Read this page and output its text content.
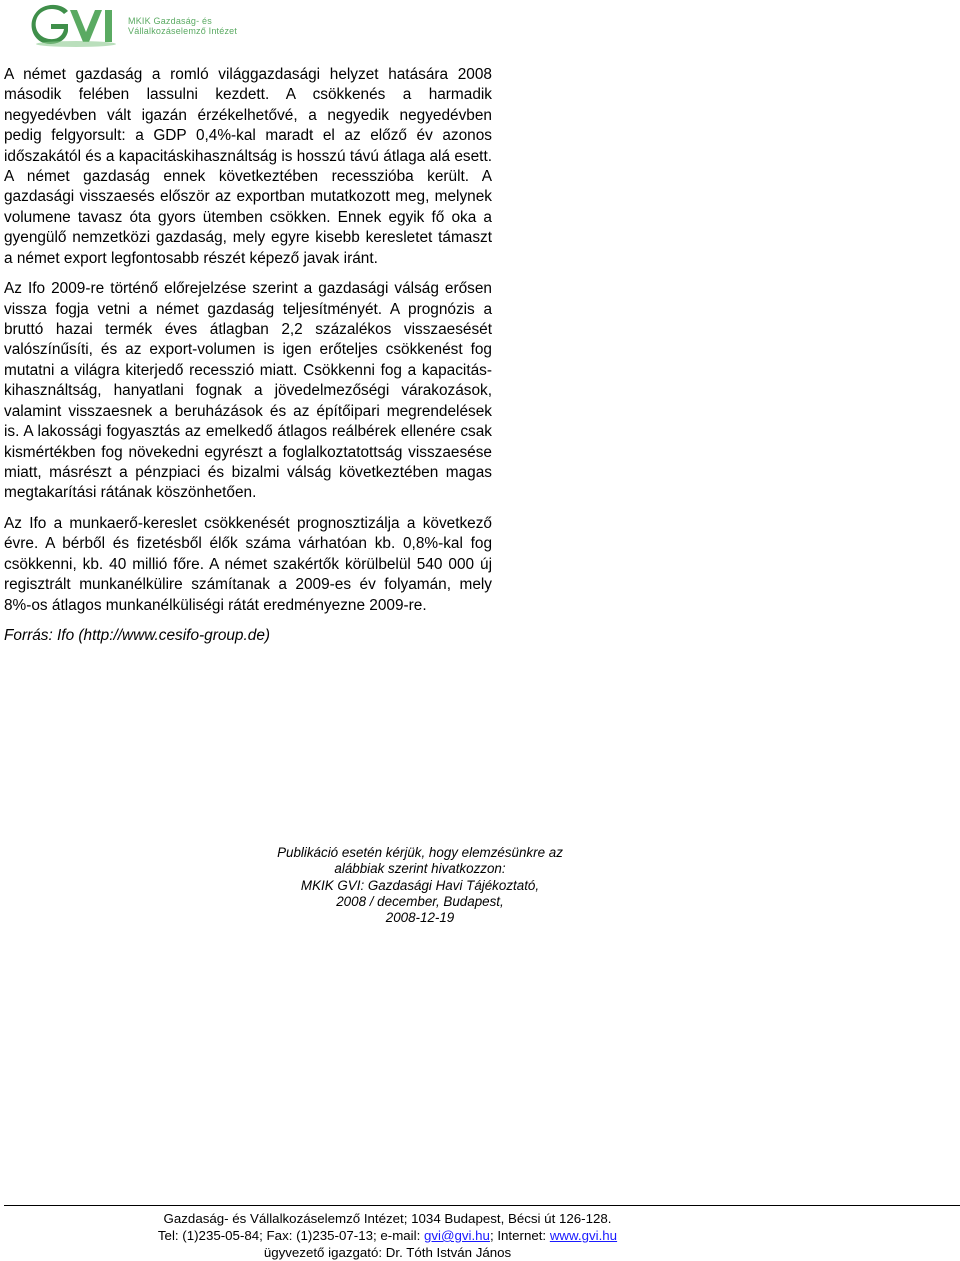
MKIK Gazdaság- és
Vállalkozáselemző Intézet

A német gazdaság a romló világgazdasági helyzet hatására 2008 második felében lassulni kezdett. A csökkenés a harmadik negyedévben vált igazán érzékelhetővé, a negyedik negyedévben pedig felgyorsult: a GDP 0,4%-kal maradt el az előző év azonos időszakától és a kapacitáskihasználtság is hosszú távú átlaga alá esett. A német gazdaság ennek következtében recesszióba került. A gazdasági visszaesés először az exportban mutatkozott meg, melynek volumene tavasz óta gyors ütemben csökken. Ennek egyik fő oka a gyengülő nemzetközi gazdaság, mely egyre kisebb keresletet támaszt a német export legfontosabb részét képező javak iránt.

Az Ifo 2009-re történő előrejelzése szerint a gazdasági válság erősen vissza fogja vetni a német gazdaság teljesítményét. A prognózis a bruttó hazai termék éves átlagban 2,2 százalékos visszaesését valószínűsíti, és az export-volumen is igen erőteljes csökkenést fog mutatni a világra kiterjedő recesszió miatt. Csökkenni fog a kapacitás-kihasználtság, hanyatlani fognak a jövedelmezőségi várakozások, valamint visszaesnek a beruházások és az építőipari megrendelések is. A lakossági fogyasztás az emelkedő átlagos reálbérek ellenére csak kismértékben fog növekedni egyrészt a foglalkoztatottság visszaesése miatt, másrészt a pénzpiaci és bizalmi válság következtében magas megtakarítási rátának köszönhetően.

Az Ifo a munkaerő-kereslet csökkenését prognosztizálja a következő évre. A bérből és fizetésből élők száma várhatóan kb. 0,8%-kal fog csökkenni, kb. 40 millió főre. A német szakértők körülbelül 540 000 új regisztrált munkanélkülire számítanak a 2009-es év folyamán, mely 8%-os átlagos munkanélküliségi rátát eredményezne 2009-re.

Forrás: Ifo (http://www.cesifo-group.de)

Publikáció esetén kérjük, hogy elemzésünkre az
alábbiak szerint hivatkozzon:
MKIK GVI: Gazdasági Havi Tájékoztató,
2008 / december, Budapest,
2008-12-19
Gazdaság- és Vállalkozáselemző Intézet; 1034 Budapest, Bécsi út 126-128.
Tel: (1)235-05-84; Fax: (1)235-07-13; e-mail: gvi@gvi.hu; Internet: www.gvi.hu
ügyvezető igazgató: Dr. Tóth István János
